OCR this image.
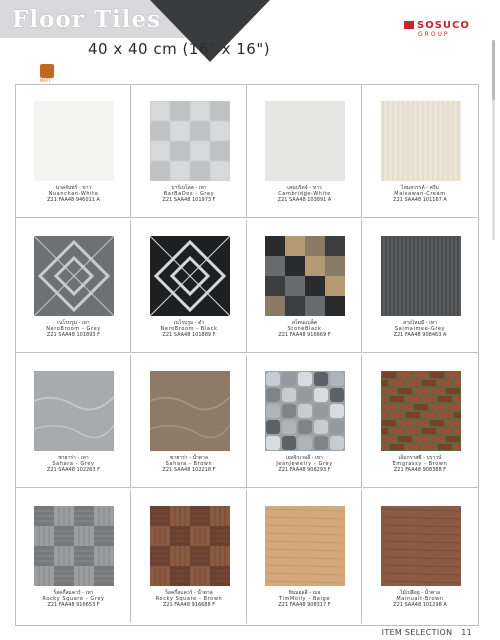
Floor Tiles
40 x 40 cm (16" x 16")
SOSUCO
GROUP
MATT
นวลจันทร์ - ขาว
Nuanchan-White
Z21 FAA48 946011 A
บาร์เบโลส - เทา
BarBaDos - Grey
Z21 SAA48 101973 F
เคมบริดจ์ - ขาว
Cambridge-White
Z21 SAA48 103891 A
ไหมสวรรค์ - ครีม
Maisawan-Cream
Z21 SAA48 101167 A
เนโรบรูม - เทา
NeroBroom - Grey
Z21 SAA48 101893 F
เนโรบรูม - ดำ
NeroBroom - Black
Z21 SAA48 101889 F
สโตนแบล็ค
StoneBlack
Z21 FAA48 916669 F
สายไหมมี - เทา
Saimaimee-Grey
Z21 FAA48 908463 A
ซาฮาร่า - เทา
Sahara - Grey
Z21 SAA48 102263 F
ซาฮาร่า - น้ำตาล
Sahara - Brown
Z21 SAA48 102218 F
เยลจิวเวลลี่ - เทา
JeanJewelry - Grey
Z21 FAA48 908293 F
เอ็มกราสซี่ - บราวน์
Emgrassy - Brown
Z21 FAA48 908388 F
ร็อคกี้สแควร์ - เทา
Rocky Square - Grey
Z21 FAA48 916653 F
ร็อคกี้สแควร์ - น้ำตาล
Rocky Square - Brown
Z21 FAA48 916688 F
ทิมมอลลี่ - เบจ
TimMolly - Beige
Z21 FAA48 908317 F
ไม้เปลือยู - น้ำตาล
Mainuait-Brown
Z21 SAA48 101298 A
ITEM SELECTION 11
